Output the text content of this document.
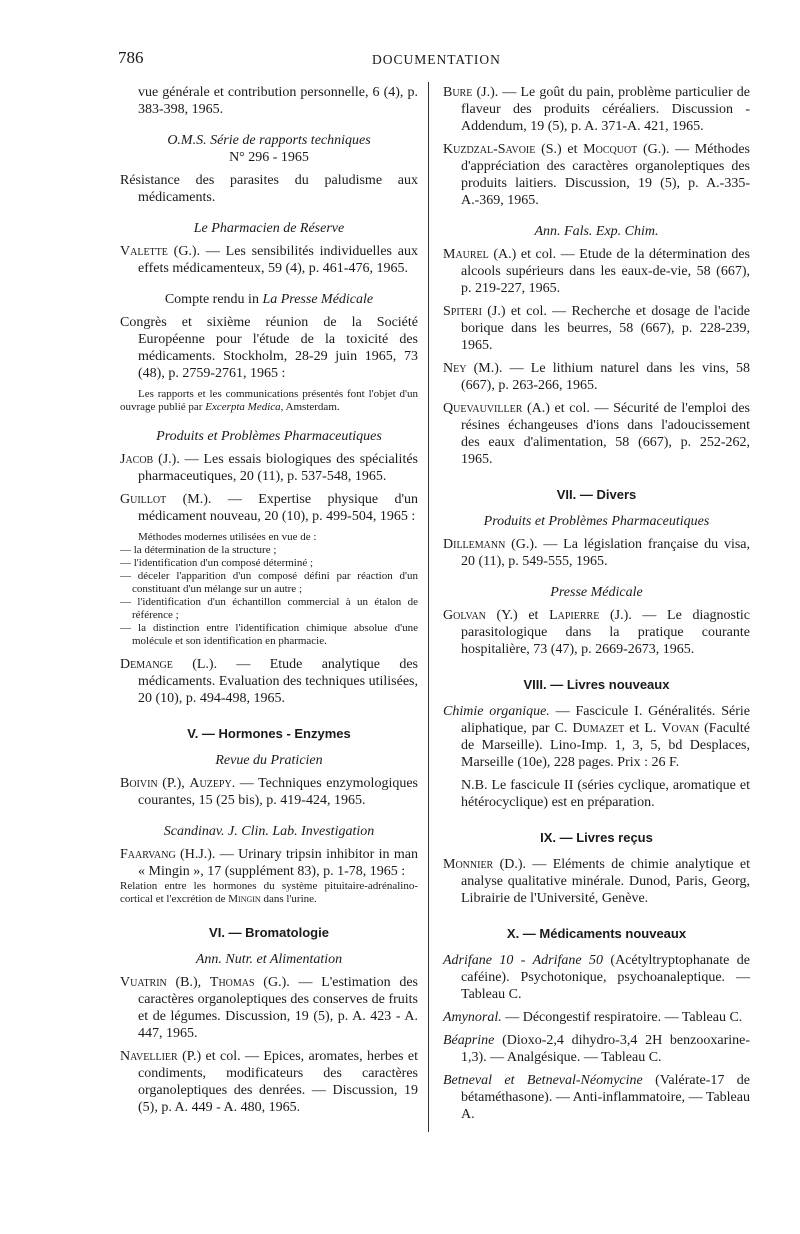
786	DOCUMENTATION

vue générale et contribution personnelle, 6 (4), p. 383-398, 1965.

O.M.S. Série de rapports techniques

N° 296 - 1965

Résistance des parasites du paludisme aux médicaments.

Le Pharmacien de Réserve

Valette (G.). — Les sensibilités individuelles aux effets médicamenteux, 59 (4), p. 461-476, 1965.

Compte rendu in La Presse Médicale

Congrès et sixième réunion de la Société Européenne pour l'étude de la toxicité des médicaments. Stockholm, 28-29 juin 1965, 73 (48), p. 2759-2761, 1965 :

Les rapports et les communications présentés font l'objet d'un ouvrage publié par Excerpta Medica, Amsterdam.

Produits et Problèmes Pharmaceutiques

Jacob (J.). — Les essais biologiques des spécialités pharmaceutiques, 20 (11), p. 537-548, 1965.

Guillot (M.). — Expertise physique d'un médicament nouveau, 20 (10), p. 499-504, 1965 :

Méthodes modernes utilisées en vue de :

— la détermination de la structure ;

— l'identification d'un composé déterminé ;

— déceler l'apparition d'un composé défini par réaction d'un constituant d'un mélange sur un autre ;

— l'identification d'un échantillon commercial à un étalon de référence ;

— la distinction entre l'identification chimique absolue d'une molécule et son identification en pharmacie.

Demange (L.). — Etude analytique des médicaments. Evaluation des techniques utilisées, 20 (10), p. 494-498, 1965.

V. — Hormones - Enzymes

Revue du Praticien

Boivin (P.), Auzepy. — Techniques enzymologiques courantes, 15 (25 bis), p. 419-424, 1965.

Scandinav. J. Clin. Lab. Investigation

Faarvang (H.J.). — Urinary tripsin inhibitor in man « Mingin », 17 (supplément 83), p. 1-78, 1965 :

Relation entre les hormones du système pituitaire-adrénalino-cortical et l'excrétion de Mingin dans l'urine.

VI. — Bromatologie

Ann. Nutr. et Alimentation

Vuatrin (B.), Thomas (G.). — L'estimation des caractères organoleptiques des conserves de fruits et de légumes. Discussion, 19 (5), p. A. 423 - A. 447, 1965.

Navellier (P.) et col. — Epices, aromates, herbes et condiments, modificateurs des caractères organoleptiques des denrées. — Discussion, 19 (5), p. A. 449 - A. 480, 1965.

Bure (J.). — Le goût du pain, problème particulier de flaveur des produits céréaliers. Discussion - Addendum, 19 (5), p. A. 371-A. 421, 1965.

Kuzdzal-Savoie (S.) et Mocquot (G.). — Méthodes d'appréciation des caractères organoleptiques des produits laitiers. Discussion, 19 (5), p. A.-335-A.-369, 1965.

Ann. Fals. Exp. Chim.

Maurel (A.) et col. — Etude de la détermination des alcools supérieurs dans les eaux-de-vie, 58 (667), p. 219-227, 1965.

Spiteri (J.) et col. — Recherche et dosage de l'acide borique dans les beurres, 58 (667), p. 228-239, 1965.

Ney (M.). — Le lithium naturel dans les vins, 58 (667), p. 263-266, 1965.

Quevauviller (A.) et col. — Sécurité de l'emploi des résines échangeuses d'ions dans l'adoucissement des eaux d'alimentation, 58 (667), p. 252-262, 1965.

VII. — Divers

Produits et Problèmes Pharmaceutiques

Dillemann (G.). — La législation française du visa, 20 (11), p. 549-555, 1965.

Presse Médicale

Golvan (Y.) et Lapierre (J.). — Le diagnostic parasitologique dans la pratique courante hospitalière, 73 (47), p. 2669-2673, 1965.

VIII. — Livres nouveaux

Chimie organique. — Fascicule I. Généralités. Série aliphatique, par C. Dumazet et L. Vovan (Faculté de Marseille). Lino-Imp. 1, 3, 5, bd Desplaces, Marseille (10e), 228 pages. Prix : 26 F.

N.B. Le fascicule II (séries cyclique, aromatique et hétérocyclique) est en préparation.

IX. — Livres reçus

Monnier (D.). — Eléments de chimie analytique et analyse qualitative minérale. Dunod, Paris, Georg, Librairie de l'Université, Genève.

X. — Médicaments nouveaux

Adrifane 10 - Adrifane 50 (Acétyltryptophanate de caféine). Psychotonique, psychoanaleptique. — Tableau C.

Amynoral. — Décongestif respiratoire. — Tableau C.

Béaprine (Dioxo-2,4 dihydro-3,4 2H benzooxarine-1,3). — Analgésique. — Tableau C.

Betneval et Betneval-Néomycine (Valérate-17 de bétaméthasone). — Anti-inflammatoire, — Tableau A.
